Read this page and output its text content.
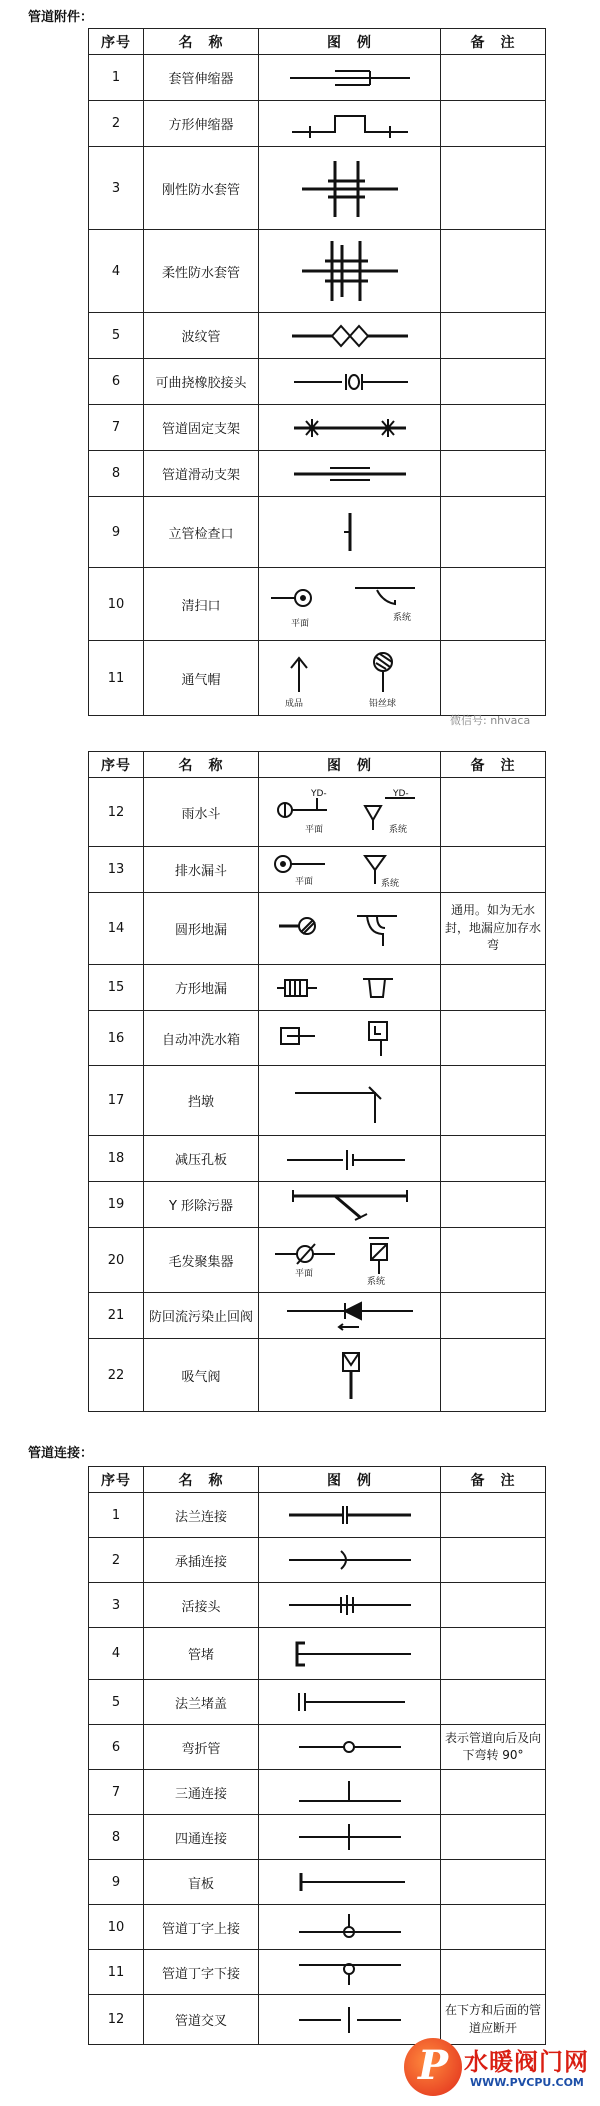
管道附件：
序号	名　称	图　例	备　注
1	套管伸缩器	

2	方形伸缩器	

3	刚性防水套管	

4	柔性防水套管	

5	波纹管	

6	可曲挠橡胶接头	

7	管道固定支架	

8	管道滑动支架	

9	立管检查口	

10	清扫口	平面
系统	

11	通气帽	成品 铅丝球	

微信号: nhvaca
序号	名　称	图　例	备　注
12	雨水斗	YD-
平面
YD-
系统	

13	排水漏斗	平面 系统	

14	圆形地漏		通用。如为无水封，地漏应加存水弯
15	方形地漏	

16	自动冲洗水箱	

17	挡墩	

18	减压孔板	

19	Y 形除污器	

20	毛发聚集器	平面
系统	

21	防回流污染止回阀	

22	吸气阀	

管道连接：
序号	名　称	图　例	备　注
1	法兰连接	

2	承插连接	

3	活接头	

4	管堵	

5	法兰堵盖	

6	弯折管		表示管道向后及向下弯转 90°
7	三通连接	

8	四通连接	

9	盲板	

10	管道丁字上接	

11	管道丁字下接	

12	管道交叉		在下方和后面的管道应断开
P 水暖阀门网
WWW.PVCPU.COM
